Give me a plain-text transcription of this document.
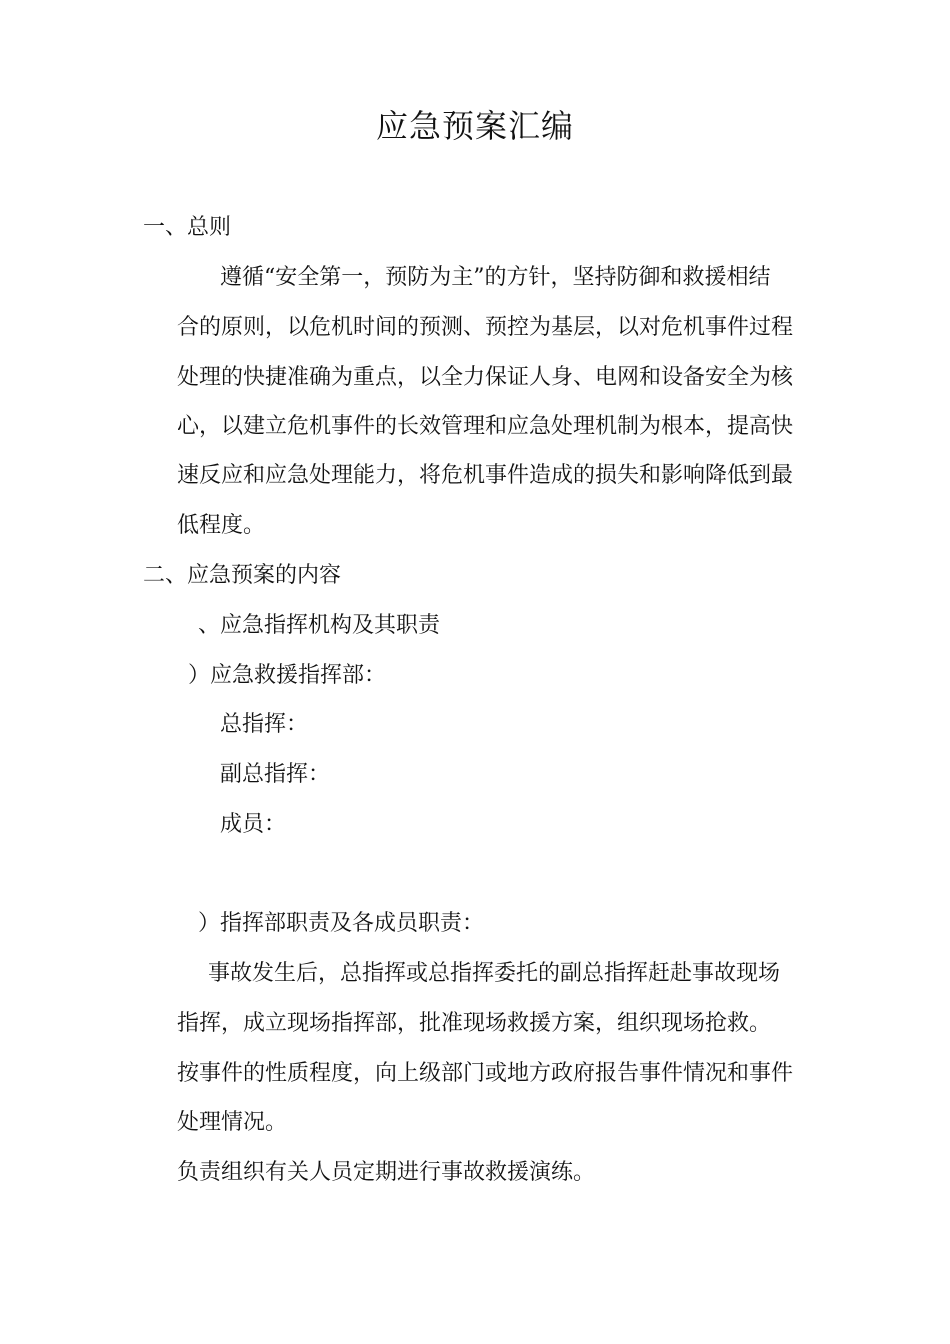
应急预案汇编
一、总则
遵循“安全第一，预防为主”的方针，坚持防御和救援相结
合的原则，以危机时间的预测、预控为基层，以对危机事件过程
处理的快捷准确为重点，以全力保证人身、电网和设备安全为核
心，以建立危机事件的长效管理和应急处理机制为根本，提高快
速反应和应急处理能力，将危机事件造成的损失和影响降低到最
低程度。
二、应急预案的内容
、应急指挥机构及其职责
）应急救援指挥部：
总指挥：
副总指挥：
成员：
）指挥部职责及各成员职责：
事故发生后，总指挥或总指挥委托的副总指挥赶赴事故现场
指挥，成立现场指挥部，批准现场救援方案，组织现场抢救。
按事件的性质程度，向上级部门或地方政府报告事件情况和事件
处理情况。
负责组织有关人员定期进行事故救援演练。
